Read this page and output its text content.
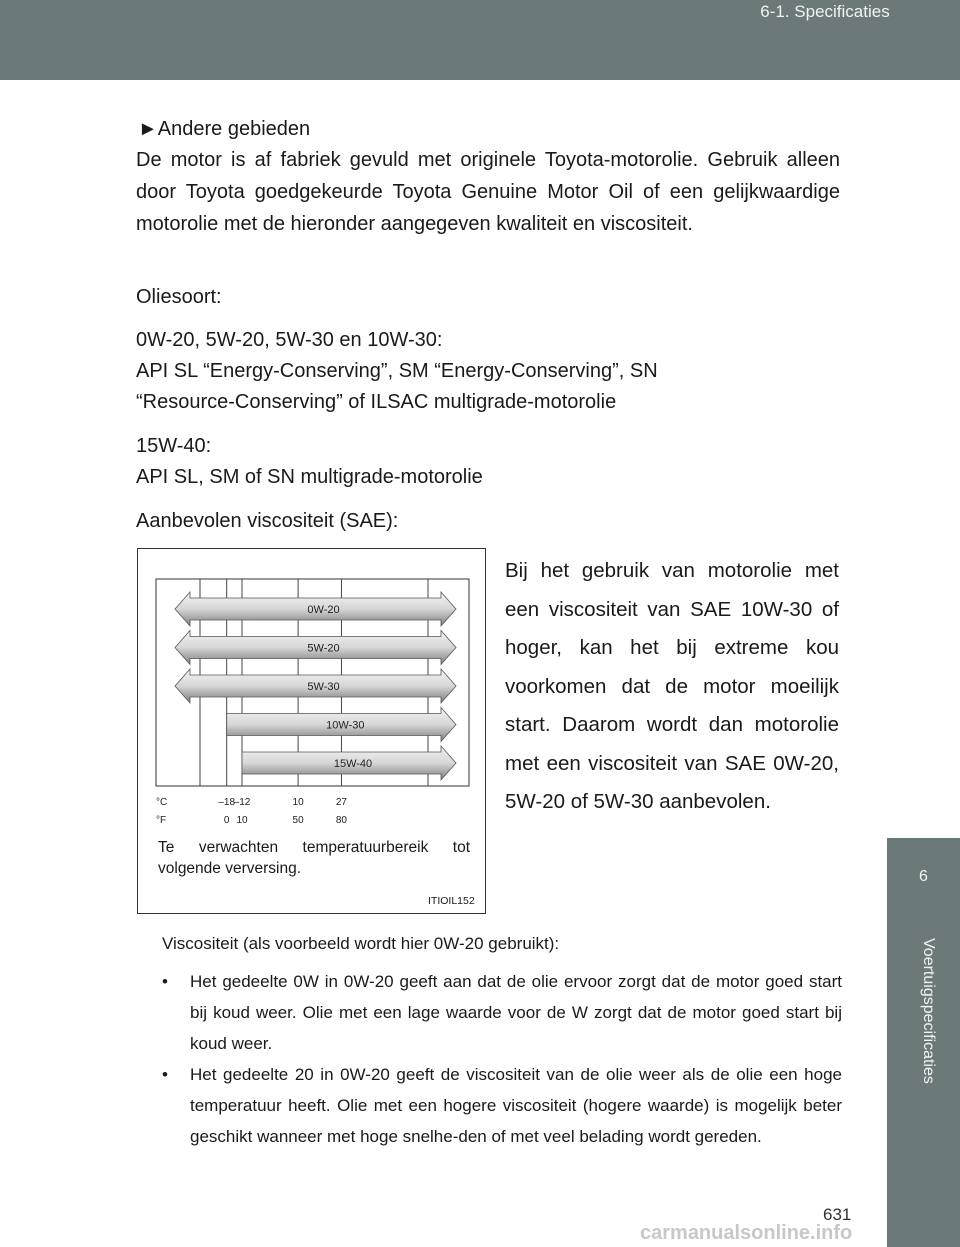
6-1. Specificaties
6
Voertuigspecificaties
►Andere gebieden
De motor is af fabriek gevuld met originele Toyota-motorolie. Gebruik alleen door Toyota goedgekeurde Toyota Genuine Motor Oil of een gelijkwaardige motorolie met de hieronder aangegeven kwaliteit en viscositeit.
Oliesoort:
0W-20, 5W-20, 5W-30 en 10W-30:
API SL “Energy-Conserving”, SM “Energy-Conserving”, SN
“Resource-Conserving” of ILSAC multigrade-motorolie
15W-40:
API SL, SM of SN multigrade-motorolie
Aanbevolen viscositeit (SAE):
Bij het gebruik van motorolie met een viscositeit van SAE 10W-30 of hoger, kan het bij extreme kou voorkomen dat de motor moeilijk start. Daarom wordt dan motorolie met een viscositeit van SAE 0W-20, 5W-20 of 5W-30 aanbevolen.
0W-20
5W-20
5W-30
10W-30
15W-40
–18
–12	10	27
0 10	50	80
°C
°F
Te verwachten temperatuurbereik tot volgende verversing.
ITIOIL152
Viscositeit (als voorbeeld wordt hier 0W-20 gebruikt):
• Het gedeelte 0W in 0W-20 geeft aan dat de olie ervoor zorgt dat de motor goed start bij koud weer. Olie met een lage waarde voor de W zorgt dat de motor goed start bij koud weer.
• Het gedeelte 20 in 0W-20 geeft de viscositeit van de olie weer als de olie een hoge temperatuur heeft. Olie met een hogere viscositeit (hogere waarde) is mogelijk beter geschikt wanneer met hoge snelhe-den of met veel belading wordt gereden.
631
carmanualsonline.info
